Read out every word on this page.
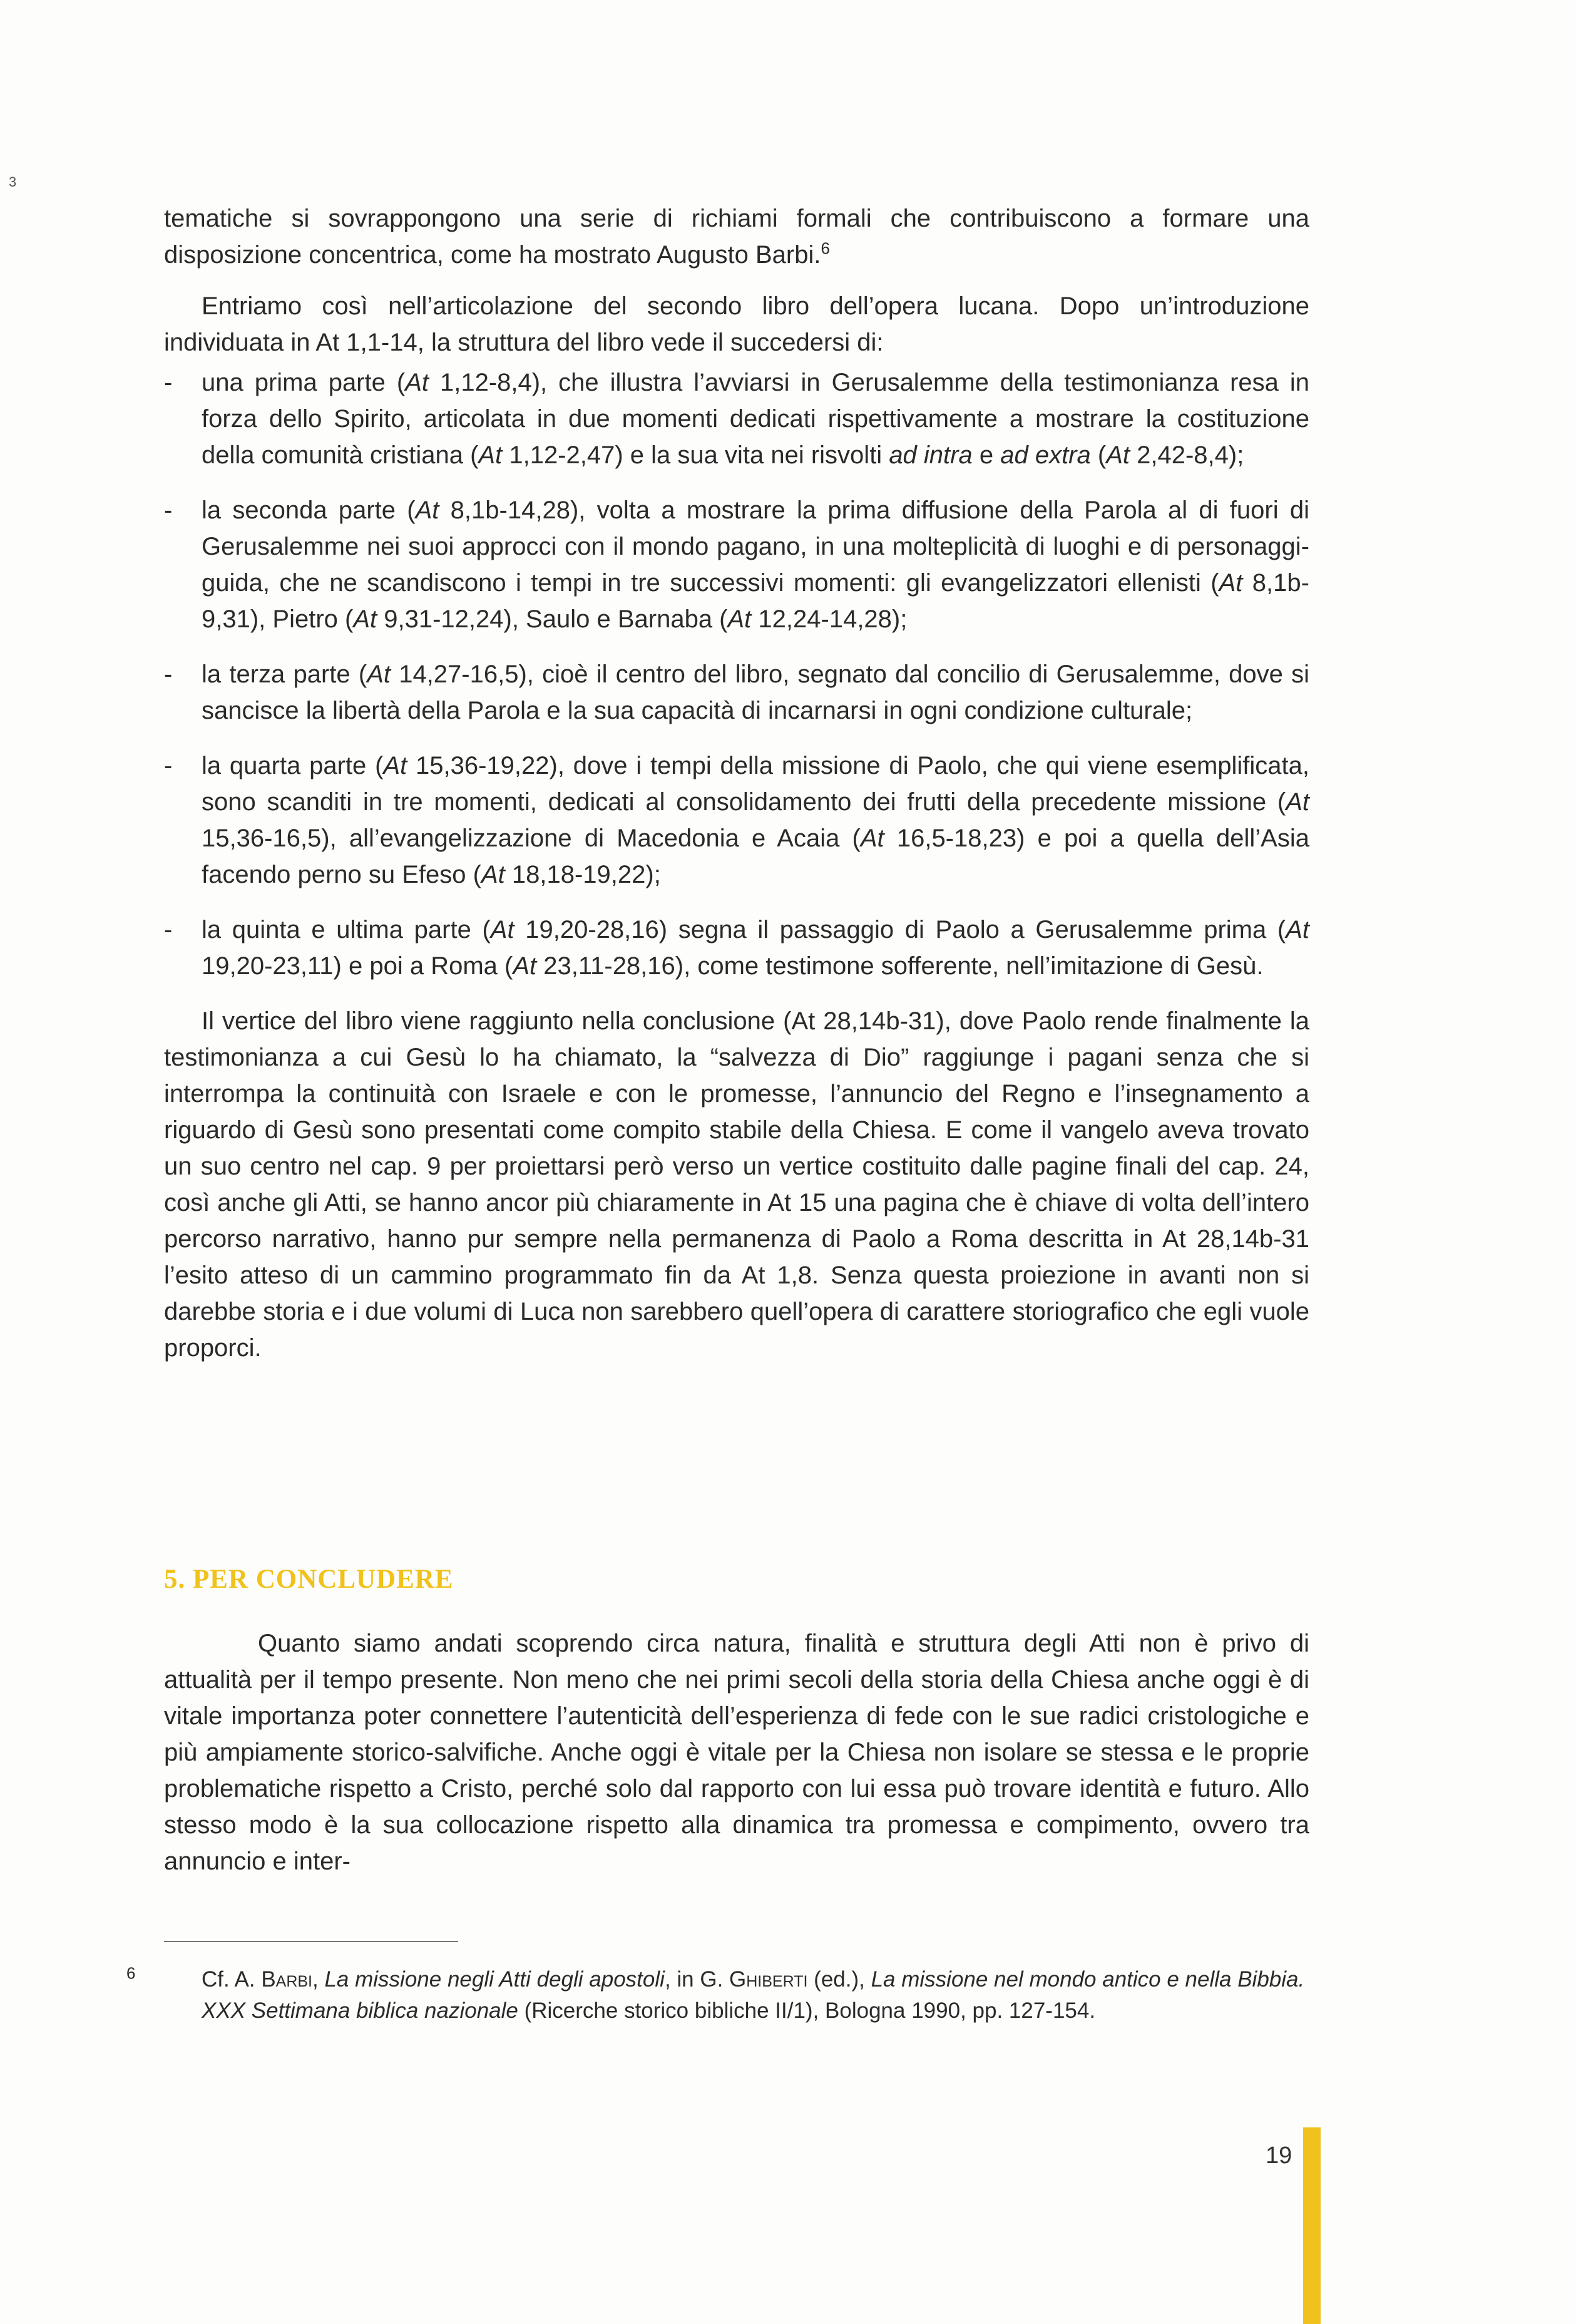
3

tematiche si sovrappongono una serie di richiami formali che contribuiscono a formare una disposizione concentrica, come ha mostrato Augusto Barbi.$^6$

Entriamo così nell’articolazione del secondo libro dell’opera lucana. Dopo un’introduzione individuata in At 1,1-14, la struttura del libro vede il succedersi di:

- una prima parte (At 1,12-8,4), che illustra l’avviarsi in Gerusalemme della testimonianza resa in forza dello Spirito, articolata in due momenti dedicati rispettivamente a mostrare la costituzione della comunità cristiana (At 1,12-2,47) e la sua vita nei risvolti ad intra e ad extra (At 2,42-8,4);
- la seconda parte (At 8,1b-14,28), volta a mostrare la prima diffusione della Parola al di fuori di Gerusalemme nei suoi approcci con il mondo pagano, in una molteplicità di luoghi e di personaggi-guida, che ne scandiscono i tempi in tre successivi momenti: gli evangelizzatori ellenisti (At 8,1b-9,31), Pietro (At 9,31-12,24), Saulo e Barnaba (At 12,24-14,28);
- la terza parte (At 14,27-16,5), cioè il centro del libro, segnato dal concilio di Gerusalemme, dove si sancisce la libertà della Parola e la sua capacità di incarnarsi in ogni condizione culturale;
- la quarta parte (At 15,36-19,22), dove i tempi della missione di Paolo, che qui viene esemplificata, sono scanditi in tre momenti, dedicati al consolidamento dei frutti della precedente missione (At 15,36-16,5), all’evangelizzazione di Macedonia e Acaia (At 16,5-18,23) e poi a quella dell’Asia facendo perno su Efeso (At 18,18-19,22);
- la quinta e ultima parte (At 19,20-28,16) segna il passaggio di Paolo a Gerusalemme prima (At 19,20-23,11) e poi a Roma (At 23,11-28,16), come testimone sofferente, nell’imitazione di Gesù.

Il vertice del libro viene raggiunto nella conclusione (At 28,14b-31), dove Paolo rende finalmente la testimonianza a cui Gesù lo ha chiamato, la “salvezza di Dio” raggiunge i pagani senza che si interrompa la continuità con Israele e con le promesse, l’annuncio del Regno e l’insegnamento a riguardo di Gesù sono presentati come compito stabile della Chiesa. E come il vangelo aveva trovato un suo centro nel cap. 9 per proiettarsi però verso un vertice costituito dalle pagine finali del cap. 24, così anche gli Atti, se hanno ancor più chiaramente in At 15 una pagina che è chiave di volta dell’intero percorso narrativo, hanno pur sempre nella permanenza di Paolo a Roma descritta in At 28,14b-31 l’esito atteso di un cammino programmato fin da At 1,8. Senza questa proiezione in avanti non si darebbe storia e i due volumi di Luca non sarebbero quell’opera di carattere storiografico che egli vuole proporci.

5. PER CONCLUDERE

Quanto siamo andati scoprendo circa natura, finalità e struttura degli Atti non è privo di attualità per il tempo presente. Non meno che nei primi secoli della storia della Chiesa anche oggi è di vitale importanza poter connettere l’autenticità dell’esperienza di fede con le sue radici cristologiche e più ampiamente storico-salvifiche. Anche oggi è vitale per la Chiesa non isolare se stessa e le proprie problematiche rispetto a Cristo, perché solo dal rapporto con lui essa può trovare identità e futuro. Allo stesso modo è la sua collocazione rispetto alla dinamica tra promessa e compimento, ovvero tra annuncio e inter-

$^6$	Cf. A. Barbi, La missione negli Atti degli apostoli, in G. Ghiberti (ed.), La missione nel mondo antico e nella Bibbia. XXX Settimana biblica nazionale (Ricerche storico bibliche II/1), Bologna 1990, pp. 127-154.

19
